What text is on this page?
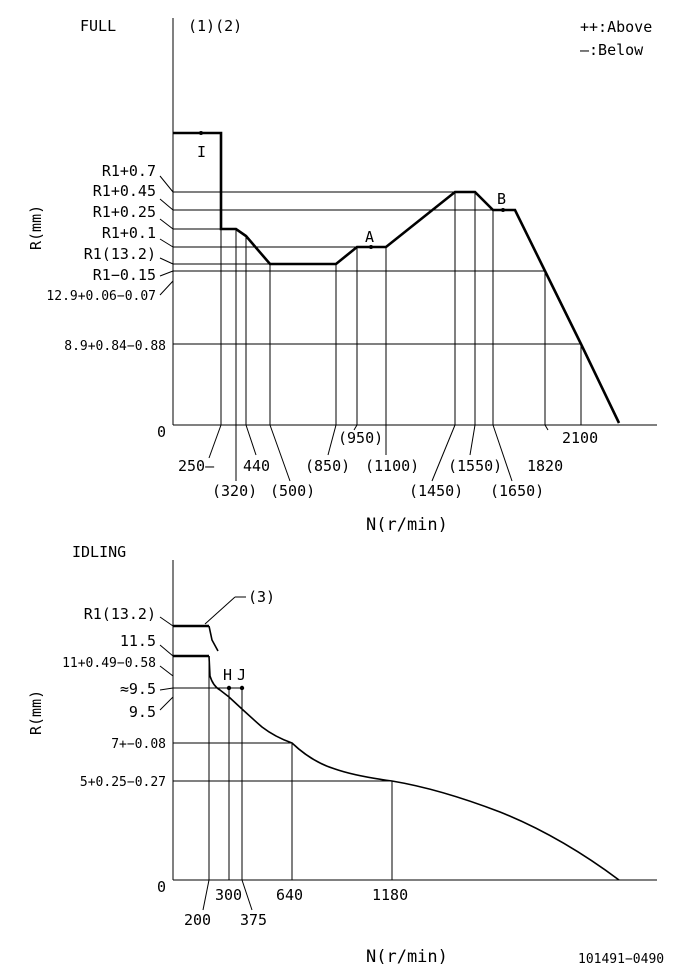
FULL	(1)(2)	++:Above
—:Below
I
A
B
R1+0.7
R1+0.45
R1+0.25
R1+0.1
R1(13.2)
R1−0.15
12.9+0.06−0.07
8.9+0.84−0.88
0
R(mm)
250—
(320)
440
(500)
(850)
(950)
(1100)
(1450)
(1550)
(1650)
1820
2100
N(r/min)
IDLING
(3)
H J
R1(13.2)
11.5
11+0.49−0.58
≈9.5
9.5
7+−0.08
5+0.25−0.27
0
R(mm)
200
300
375
640	1180
N(r/min)	101491−0490
